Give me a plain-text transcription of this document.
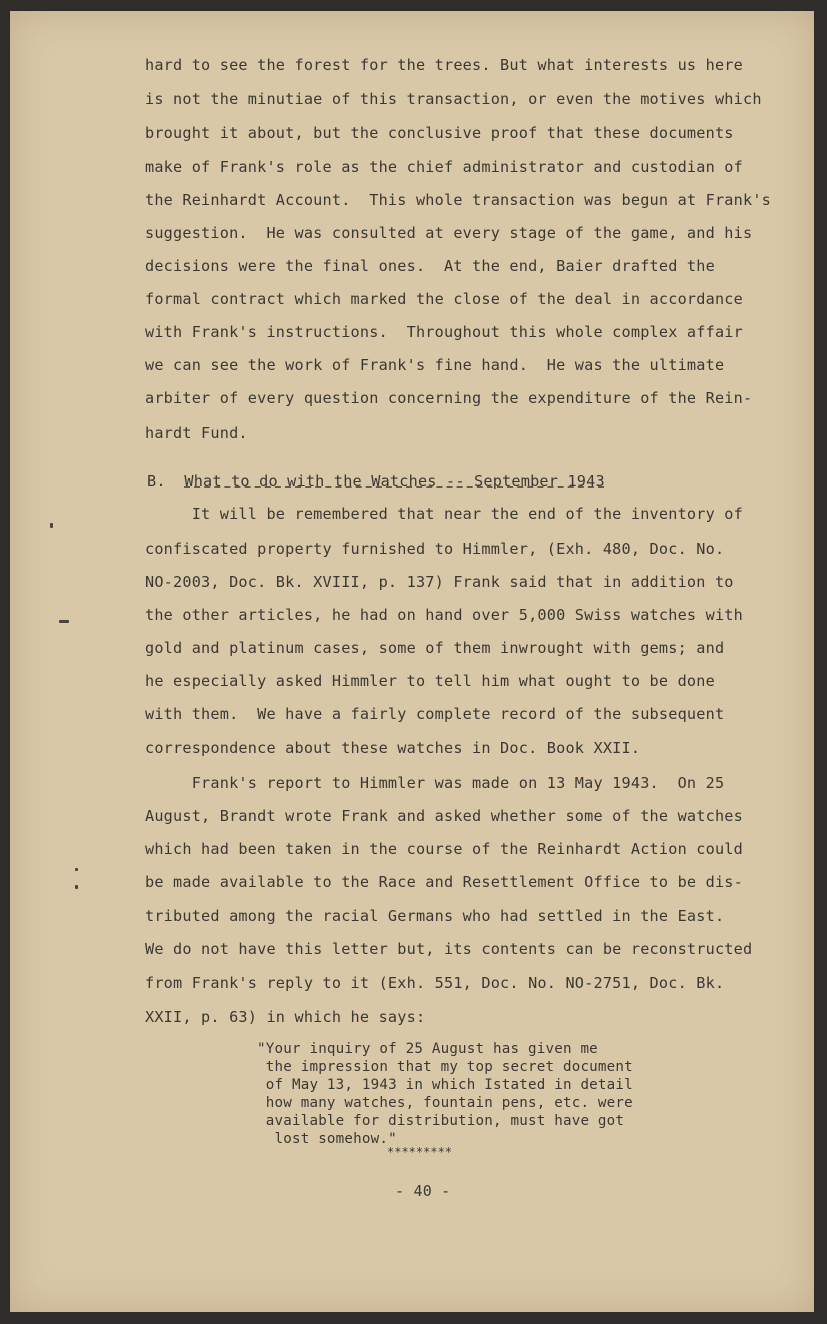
hard to see the forest for the trees. But what interests us here
is not the minutiae of this transaction, or even the motives which
brought it about, but the conclusive proof that these documents
make of Frank's role as the chief administrator and custodian of
the Reinhardt Account.  This whole transaction was begun at Frank's
suggestion.  He was consulted at every stage of the game, and his
decisions were the final ones.  At the end, Baier drafted the
formal contract which marked the close of the deal in accordance
with Frank's instructions.  Throughout this whole complex affair
we can see the work of Frank's fine hand.  He was the ultimate
arbiter of every question concerning the expenditure of the Rein-
hardt Fund.
B. What to do with the Watches -- September 1943
It will be remembered that near the end of the inventory of
confiscated property furnished to Himmler, (Exh. 480, Doc. No.
NO-2003, Doc. Bk. XVIII, p. 137) Frank said that in addition to
the other articles, he had on hand over 5,000 Swiss watches with
gold and platinum cases, some of them inwrought with gems; and
he especially asked Himmler to tell him what ought to be done
with them.  We have a fairly complete record of the subsequent
correspondence about these watches in Doc. Book XXII.
Frank's report to Himmler was made on 13 May 1943.  On 25
August, Brandt wrote Frank and asked whether some of the watches
which had been taken in the course of the Reinhardt Action could
be made available to the Race and Resettlement Office to be dis-
tributed among the racial Germans who had settled in the East.
We do not have this letter but, its contents can be reconstructed
from Frank's reply to it (Exh. 551, Doc. No. NO-2751, Doc. Bk.
XXII, p. 63) in which he says:
"Your inquiry of 25 August has given me
the impression that my top secret document
of May 13, 1943 in which Istated in detail
how many watches, fountain pens, etc. were
available for distribution, must have got
lost somehow."
*********
- 40 -
